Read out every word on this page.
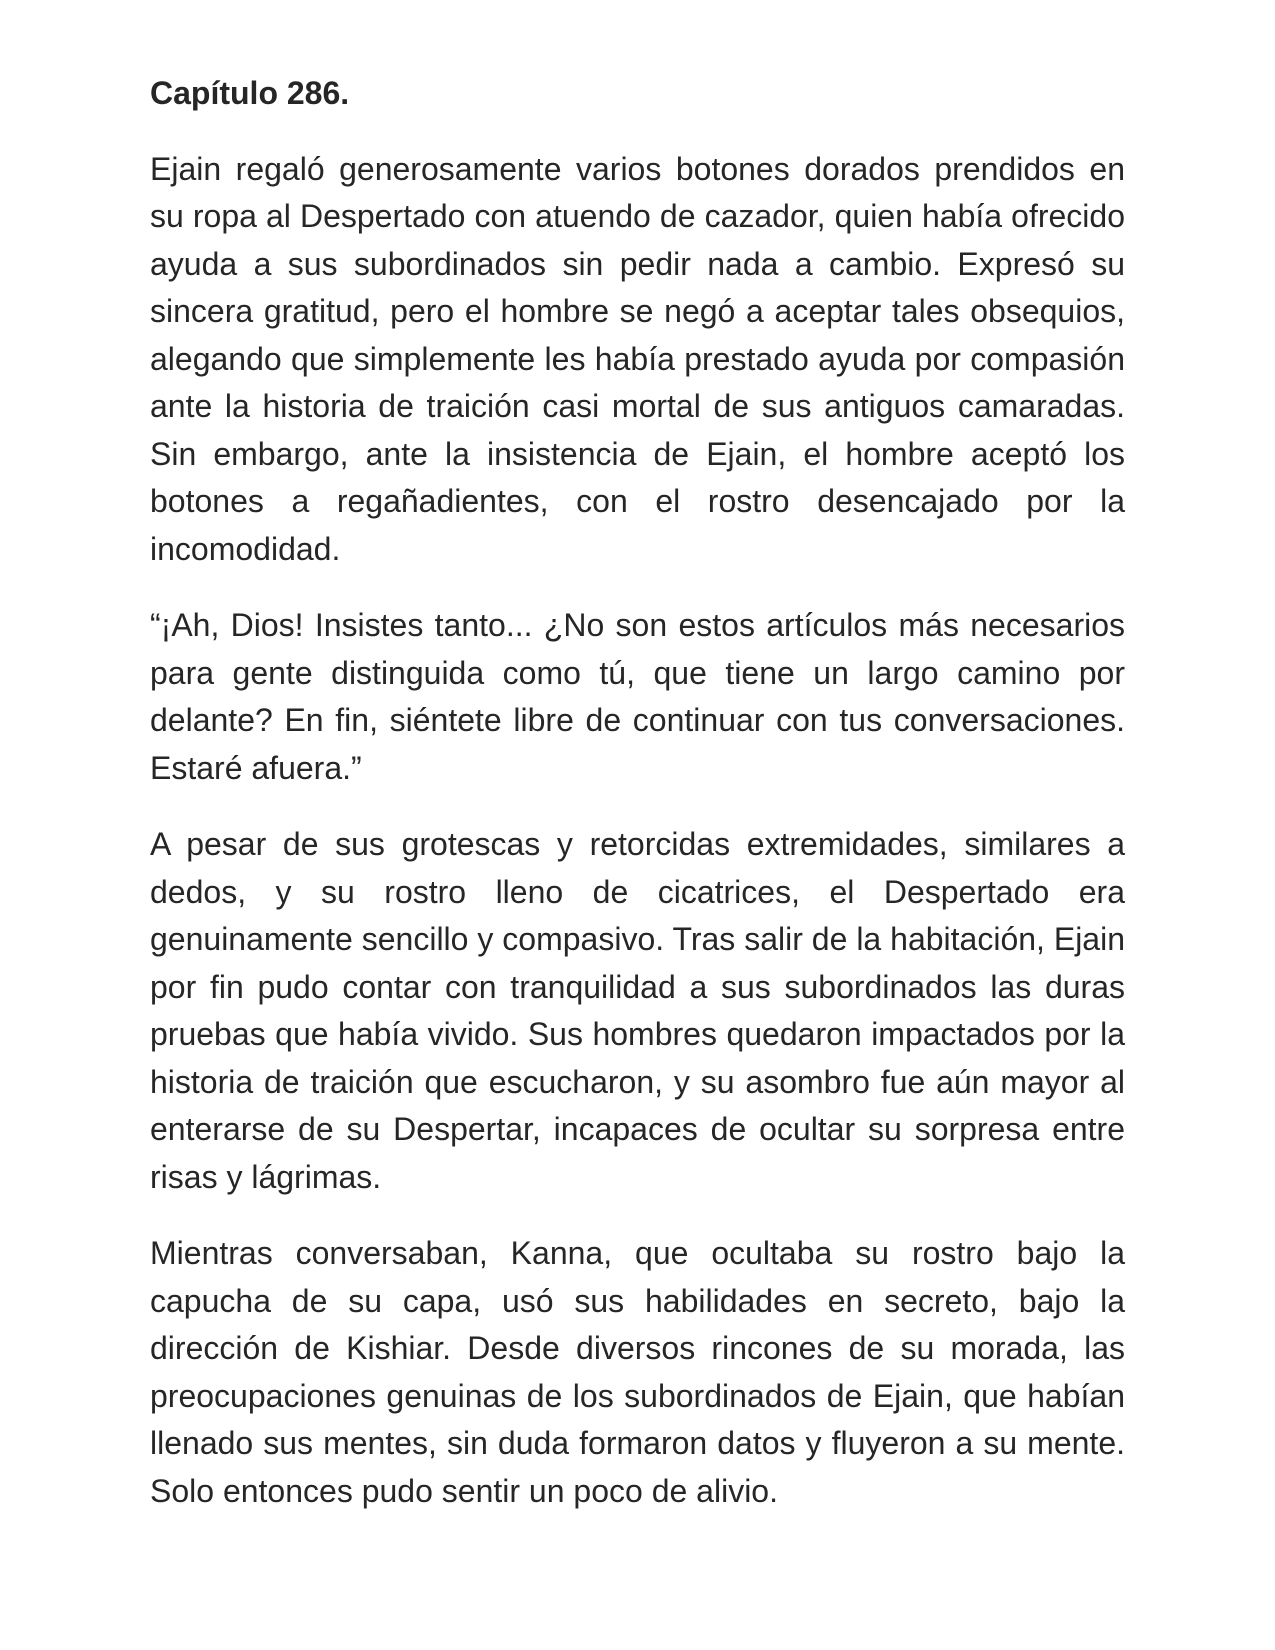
Capítulo 286.

Ejain regaló generosamente varios botones dorados prendidos en su ropa al Despertado con atuendo de cazador, quien había ofrecido ayuda a sus subordinados sin pedir nada a cambio. Expresó su sincera gratitud, pero el hombre se negó a aceptar tales obsequios, alegando que simplemente les había prestado ayuda por compasión ante la historia de traición casi mortal de sus antiguos camaradas. Sin embargo, ante la insistencia de Ejain, el hombre aceptó los botones a regañadientes, con el rostro desencajado por la incomodidad.

“¡Ah, Dios! Insistes tanto... ¿No son estos artículos más necesarios para gente distinguida como tú, que tiene un largo camino por delante? En fin, siéntete libre de continuar con tus conversaciones. Estaré afuera.”

A pesar de sus grotescas y retorcidas extremidades, similares a dedos, y su rostro lleno de cicatrices, el Despertado era genuinamente sencillo y compasivo. Tras salir de la habitación, Ejain por fin pudo contar con tranquilidad a sus subordinados las duras pruebas que había vivido. Sus hombres quedaron impactados por la historia de traición que escucharon, y su asombro fue aún mayor al enterarse de su Despertar, incapaces de ocultar su sorpresa entre risas y lágrimas.

Mientras conversaban, Kanna, que ocultaba su rostro bajo la capucha de su capa, usó sus habilidades en secreto, bajo la dirección de Kishiar. Desde diversos rincones de su morada, las preocupaciones genuinas de los subordinados de Ejain, que habían llenado sus mentes, sin duda formaron datos y fluyeron a su mente. Solo entonces pudo sentir un poco de alivio.
